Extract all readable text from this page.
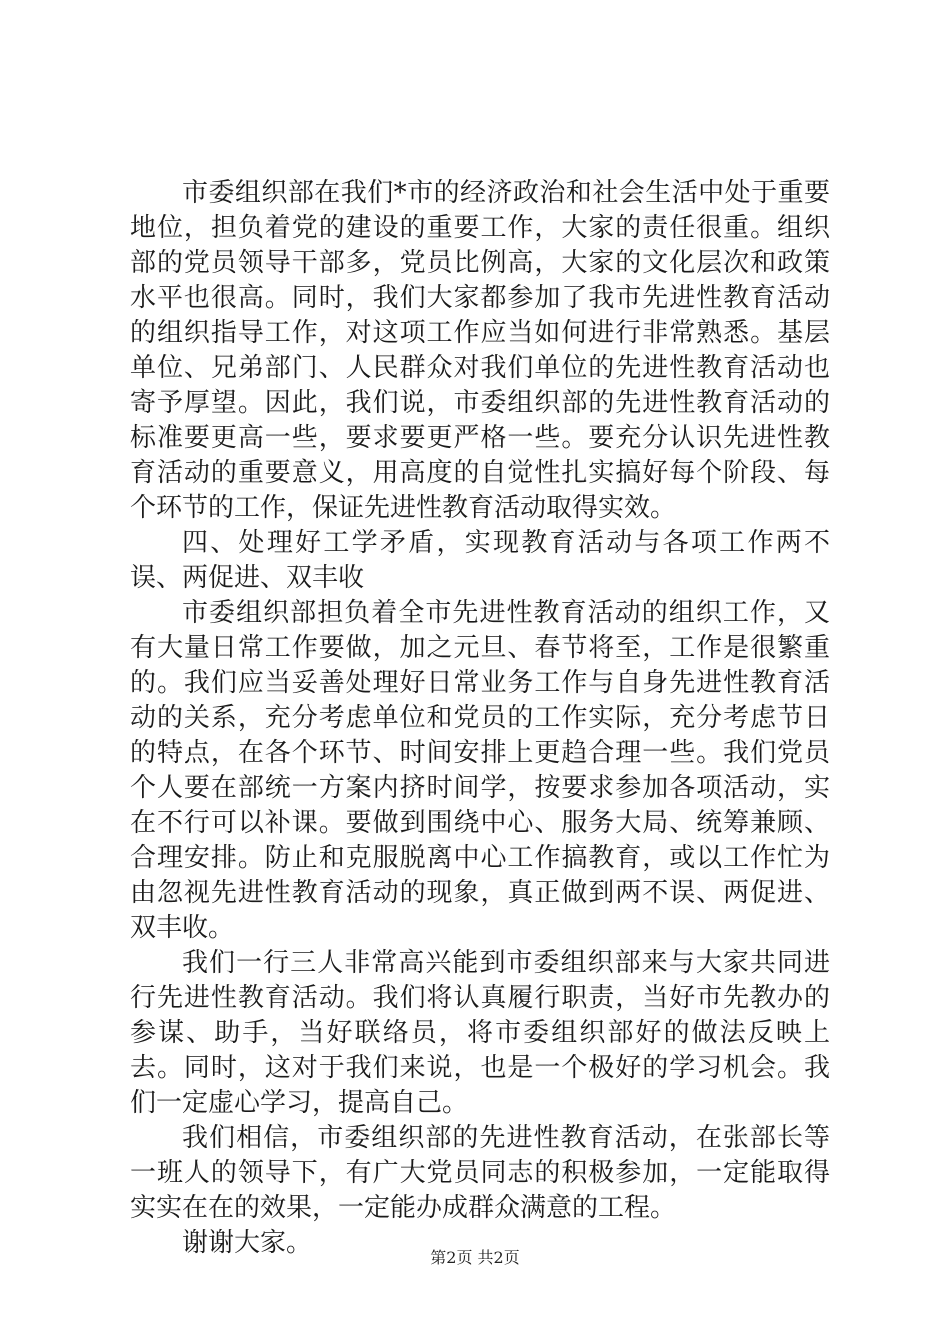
市委组织部在我们*市的经济政治和社会生活中处于重要地位，担负着党的建设的重要工作，大家的责任很重。组织部的党员领导干部多，党员比例高，大家的文化层次和政策水平也很高。同时，我们大家都参加了我市先进性教育活动的组织指导工作，对这项工作应当如何进行非常熟悉。基层单位、兄弟部门、人民群众对我们单位的先进性教育活动也寄予厚望。因此，我们说，市委组织部的先进性教育活动的标准要更高一些，要求要更严格一些。要充分认识先进性教育活动的重要意义，用高度的自觉性扎实搞好每个阶段、每个环节的工作，保证先进性教育活动取得实效。

四、处理好工学矛盾，实现教育活动与各项工作两不误、两促进、双丰收

市委组织部担负着全市先进性教育活动的组织工作，又有大量日常工作要做，加之元旦、春节将至，工作是很繁重的。我们应当妥善处理好日常业务工作与自身先进性教育活动的关系，充分考虑单位和党员的工作实际，充分考虑节日的特点，在各个环节、时间安排上更趋合理一些。我们党员个人要在部统一方案内挤时间学，按要求参加各项活动，实在不行可以补课。要做到围绕中心、服务大局、统筹兼顾、合理安排。防止和克服脱离中心工作搞教育，或以工作忙为由忽视先进性教育活动的现象，真正做到两不误、两促进、双丰收。

我们一行三人非常高兴能到市委组织部来与大家共同进行先进性教育活动。我们将认真履行职责，当好市先教办的参谋、助手，当好联络员，将市委组织部好的做法反映上去。同时，这对于我们来说，也是一个极好的学习机会。我们一定虚心学习，提高自己。

我们相信，市委组织部的先进性教育活动，在张部长等一班人的领导下，有广大党员同志的积极参加，一定能取得实实在在的效果，一定能办成群众满意的工程。

谢谢大家。	第2页 共2页
